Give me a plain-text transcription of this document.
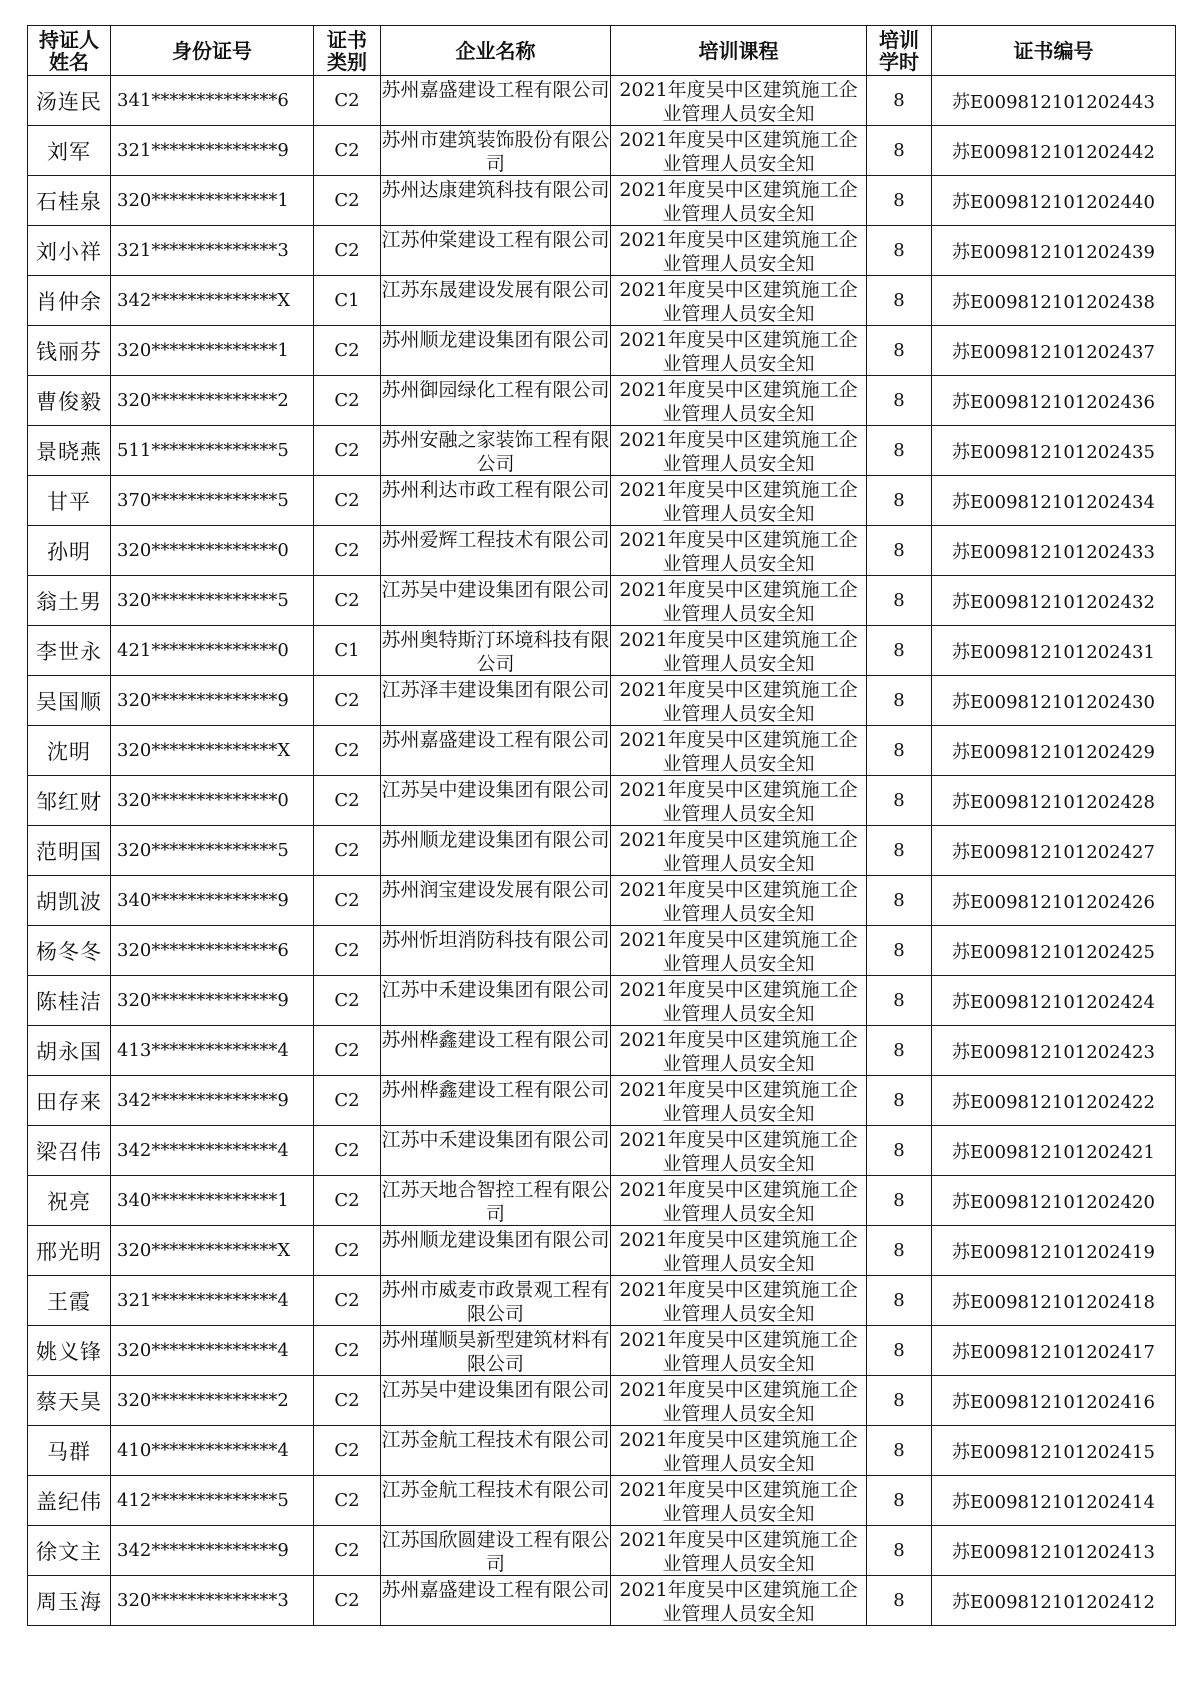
持证人姓名	身份证号	证书类别	企业名称	培训课程	培训学时	证书编号
汤连民	341**************6	C2	苏州嘉盛建设工程有限公司	2021年度吴中区建筑施工企业管理人员安全知	8	苏E009812101202443
刘军	321**************9	C2	苏州市建筑装饰股份有限公司	2021年度吴中区建筑施工企业管理人员安全知	8	苏E009812101202442
石桂泉	320**************1	C2	苏州达康建筑科技有限公司	2021年度吴中区建筑施工企业管理人员安全知	8	苏E009812101202440
刘小祥	321**************3	C2	江苏仲棠建设工程有限公司	2021年度吴中区建筑施工企业管理人员安全知	8	苏E009812101202439
肖仲余	342**************X	C1	江苏东晟建设发展有限公司	2021年度吴中区建筑施工企业管理人员安全知	8	苏E009812101202438
钱丽芬	320**************1	C2	苏州顺龙建设集团有限公司	2021年度吴中区建筑施工企业管理人员安全知	8	苏E009812101202437
曹俊毅	320**************2	C2	苏州御园绿化工程有限公司	2021年度吴中区建筑施工企业管理人员安全知	8	苏E009812101202436
景晓燕	511**************5	C2	苏州安融之家装饰工程有限公司	2021年度吴中区建筑施工企业管理人员安全知	8	苏E009812101202435
甘平	370**************5	C2	苏州利达市政工程有限公司	2021年度吴中区建筑施工企业管理人员安全知	8	苏E009812101202434
孙明	320**************0	C2	苏州爱辉工程技术有限公司	2021年度吴中区建筑施工企业管理人员安全知	8	苏E009812101202433
翁土男	320**************5	C2	江苏吴中建设集团有限公司	2021年度吴中区建筑施工企业管理人员安全知	8	苏E009812101202432
李世永	421**************0	C1	苏州奥特斯汀环境科技有限公司	2021年度吴中区建筑施工企业管理人员安全知	8	苏E009812101202431
吴国顺	320**************9	C2	江苏泽丰建设集团有限公司	2021年度吴中区建筑施工企业管理人员安全知	8	苏E009812101202430
沈明	320**************X	C2	苏州嘉盛建设工程有限公司	2021年度吴中区建筑施工企业管理人员安全知	8	苏E009812101202429
邹红财	320**************0	C2	江苏吴中建设集团有限公司	2021年度吴中区建筑施工企业管理人员安全知	8	苏E009812101202428
范明国	320**************5	C2	苏州顺龙建设集团有限公司	2021年度吴中区建筑施工企业管理人员安全知	8	苏E009812101202427
胡凯波	340**************9	C2	苏州润宝建设发展有限公司	2021年度吴中区建筑施工企业管理人员安全知	8	苏E009812101202426
杨冬冬	320**************6	C2	苏州忻坦消防科技有限公司	2021年度吴中区建筑施工企业管理人员安全知	8	苏E009812101202425
陈桂洁	320**************9	C2	江苏中禾建设集团有限公司	2021年度吴中区建筑施工企业管理人员安全知	8	苏E009812101202424
胡永国	413**************4	C2	苏州桦鑫建设工程有限公司	2021年度吴中区建筑施工企业管理人员安全知	8	苏E009812101202423
田存来	342**************9	C2	苏州桦鑫建设工程有限公司	2021年度吴中区建筑施工企业管理人员安全知	8	苏E009812101202422
梁召伟	342**************4	C2	江苏中禾建设集团有限公司	2021年度吴中区建筑施工企业管理人员安全知	8	苏E009812101202421
祝亮	340**************1	C2	江苏天地合智控工程有限公司	2021年度吴中区建筑施工企业管理人员安全知	8	苏E009812101202420
邢光明	320**************X	C2	苏州顺龙建设集团有限公司	2021年度吴中区建筑施工企业管理人员安全知	8	苏E009812101202419
王霞	321**************4	C2	苏州市威麦市政景观工程有限公司	2021年度吴中区建筑施工企业管理人员安全知	8	苏E009812101202418
姚义锋	320**************4	C2	苏州瑾顺昊新型建筑材料有限公司	2021年度吴中区建筑施工企业管理人员安全知	8	苏E009812101202417
蔡天昊	320**************2	C2	江苏吴中建设集团有限公司	2021年度吴中区建筑施工企业管理人员安全知	8	苏E009812101202416
马群	410**************4	C2	江苏金航工程技术有限公司	2021年度吴中区建筑施工企业管理人员安全知	8	苏E009812101202415
盖纪伟	412**************5	C2	江苏金航工程技术有限公司	2021年度吴中区建筑施工企业管理人员安全知	8	苏E009812101202414
徐文主	342**************9	C2	江苏国欣圆建设工程有限公司	2021年度吴中区建筑施工企业管理人员安全知	8	苏E009812101202413
周玉海	320**************3	C2	苏州嘉盛建设工程有限公司	2021年度吴中区建筑施工企业管理人员安全知	8	苏E009812101202412
